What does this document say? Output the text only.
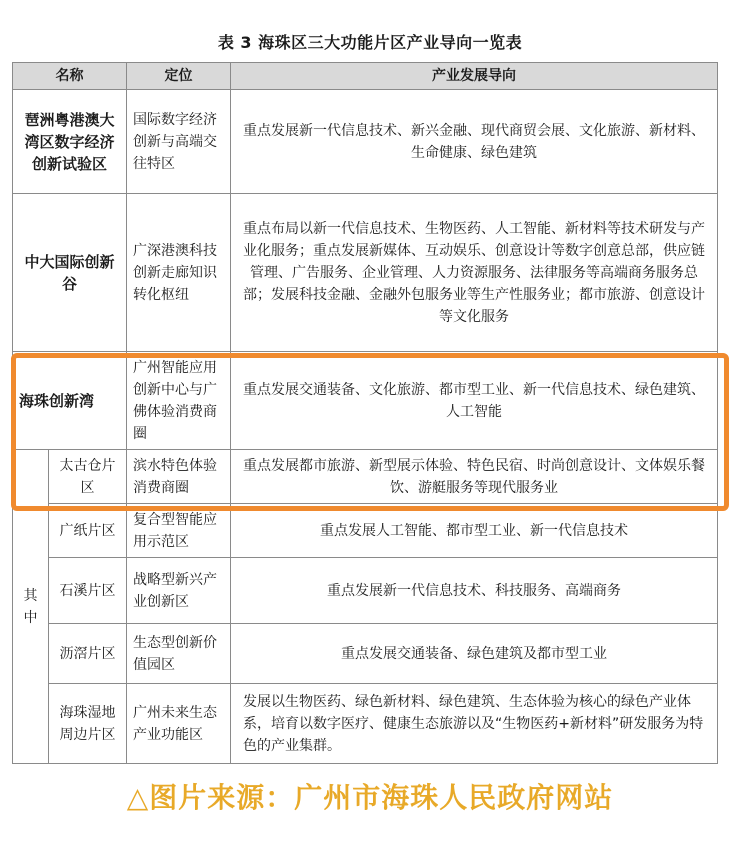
表 3 海珠区三大功能片区产业导向一览表
名称		定位	产业发展导向
琶洲粤港澳大湾区数字经济创新试验区		国际数字经济创新与高端交往特区	重点发展新一代信息技术、新兴金融、现代商贸会展、文化旅游、新材料、生命健康、绿色建筑
中大国际创新谷		广深港澳科技创新走廊知识转化枢纽	重点布局以新一代信息技术、生物医药、人工智能、新材料等技术研发与产业化服务；重点发展新媒体、互动娱乐、创意设计等数字创意总部，供应链管理、广告服务、企业管理、人力资源服务、法律服务等高端商务服务总部；发展科技金融、金融外包服务业等生产性服务业；都市旅游、创意设计等文化服务
海珠创新湾		广州智能应用创新中心与广佛体验消费商圈	重点发展交通装备、文化旅游、都市型工业、新一代信息技术、绿色建筑、人工智能

其
中	太古仓片区	滨水特色体验消费商圈	重点发展都市旅游、新型展示体验、特色民宿、时尚创意设计、文体娱乐餐饮、游艇服务等现代服务业
	广纸片区	复合型智能应用示范区	重点发展人工智能、都市型工业、新一代信息技术
	石溪片区	战略型新兴产业创新区	重点发展新一代信息技术、科技服务、高端商务
	沥滘片区	生态型创新价值园区	重点发展交通装备、绿色建筑及都市型工业
	海珠湿地周边片区	广州未来生态产业功能区	发展以生物医药、绿色新材料、绿色建筑、生态体验为核心的绿色产业体系，培育以数字医疗、健康生态旅游以及“生物医药+新材料”研发服务为特色的产业集群。
△图片来源：广州市海珠人民政府网站
